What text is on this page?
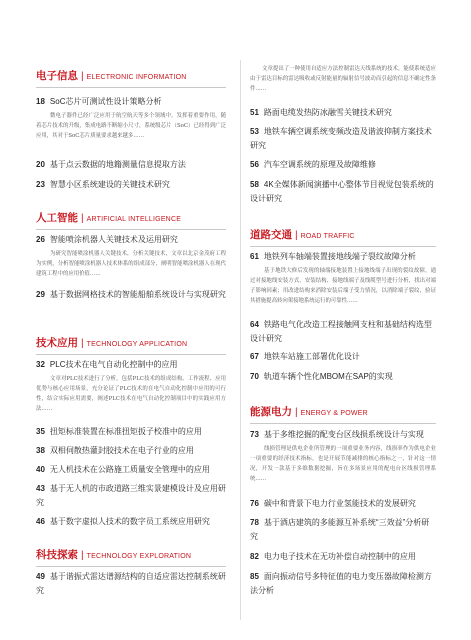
电子信息 | ELECTRONIC INFORMATION
18 SoC芯片可测试性设计策略分析
微电子器件已经广泛应用于航空航天等多个领域中，发挥着重要作用，随着芯片技术的升级，集成电路不断缩小尺寸，系统级芯片（SoC）已经得到广泛应用，其对于SoC芯片质量要求越来越多……
20 基于点云数据的地籍测量信息提取方法
23 智慧小区系统建设的关键技术研究
人工智能 | ARTIFICIAL INTELLIGENCE
26 智能喷涂机器人关键技术及运用研究
为研究智能喷涂机器人关键技术，分析关键技术，文章以北京金茂府工程为实例，分析智能喷涂机器人技术体系的组成部分，阐明智能喷涂机器人在现代建筑工程中的应用价值……
29 基于数据网格技术的智能船舶系统设计与实现研究
技术应用 | TECHNOLOGY APPLICATION
32 PLC技术在电气自动化控制中的应用
文章对PLC技术进行了分析，包括PLC技术的组成结构、工作流程、应用优势与核心应用场景，充分论证了PLC技术的在电气自动化控制中应用的可行性，结合实际应用需要，阐述PLC技术在电气自动化控制项目中的实践应用方法……
35 扭矩标准装置在标准扭矩扳子校准中的应用
38 双相伺散热灌封胶技术在电子行业的应用
40 无人机技术在公路施工质量安全管理中的应用
43 基于无人机的市政道路三维实景建模设计及应用研究
46 基于数字虚拟人技术的数字员工系统应用研究
科技探索 | TECHNOLOGY EXPLORATION
49 基于谐振式雷达谱源结构的自适应雷达控制系统研究
文章提出了一种使用自适应方法控制雷达天线系统的技术，能使系统适应由于雷达目标的雷达吸收或反射能量的辐射信号波动而引起的信息不确定性条件……
51 路面电缆发热防冰融雪关键技术研究
53 地铁车辆空调系统变频改造及谐波抑制方案技术研究
56 汽车空调系统的原理及故障维修
58 4K全媒体新闻演播中心整体节目视觉包装系统的设计研究
道路交通 | ROAD TRAFFIC
61 地铁列车轴端装置接地线端子裂纹故障分析
基于地铁大修后发现的轴端接地装置上接地线端子出现的裂纹故障，通过对接地线安装方式、安装结构、接地线端子及线缆型号进行分析，找出对端子影响因素；用改进结构来消除安装后端子受力情况，以消除端子裂纹，验证其措施提高转向架接地系统运行的可靠性……
64 铁路电气化改造工程接触网支柱和基础结构选型设计研究
67 地铁车站施工部署优化设计
70 轨道车辆个性化MBOM在SAP的实现
能源电力 | ENERGY & POWER
73 基于多维挖掘的配变台区线损系统设计与实现
线损管理是供电企业所管理的一项重要业务内容，线损率作为供电企业一项重要的经济技术指标，也是开展节能减排的核心指标之一，针对这一情况，开发一款基于多维数据挖掘，旨在多场景应用的配电台区线损管理系统……
76 碳中和背景下电力行业氢能技术的发展研究
78 基于酒店建筑的多能源互补系统“三效益”分析研究
82 电力电子技术在无功补偿自动控制中的应用
85 面向振动信号多特征值的电力变压器故障检测方法分析
